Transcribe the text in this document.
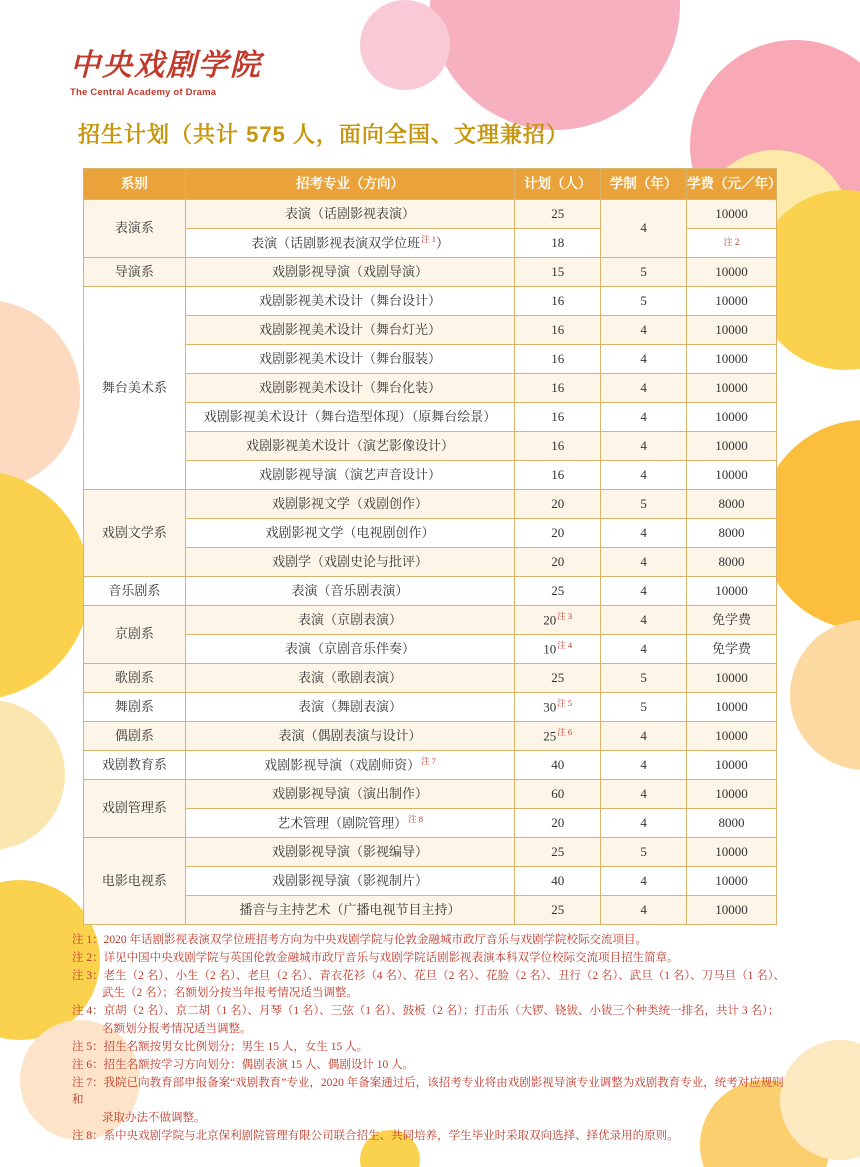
中央戏剧学院
The Central Academy of Drama
招生计划（共计 575 人，面向全国、文理兼招）
系别	招考专业（方向）	计划（人）	学制（年）	学费（元／年）
表演系	表演（话剧影视表演）	25	4	10000
	表演（话剧影视表演双学位班$^{注 1}$）	18		注 2
导演系	戏剧影视导演（戏剧导演）	15	5	10000
舞台美术系	戏剧影视美术设计（舞台设计）	16	5	10000
	戏剧影视美术设计（舞台灯光）	16	4	10000
	戏剧影视美术设计（舞台服装）	16	4	10000
	戏剧影视美术设计（舞台化装）	16	4	10000
	戏剧影视美术设计（舞台造型体现）（原舞台绘景）	16	4	10000
	戏剧影视美术设计（演艺影像设计）	16	4	10000
	戏剧影视导演（演艺声音设计）	16	4	10000
戏剧文学系	戏剧影视文学（戏剧创作）	20	5	8000
	戏剧影视文学（电视剧创作）	20	4	8000
	戏剧学（戏剧史论与批评）	20	4	8000
音乐剧系	表演（音乐剧表演）	25	4	10000
京剧系	表演（京剧表演）	$20^{注 3}$	4	免学费
	表演（京剧音乐伴奏）	$10^{注 4}$	4	免学费
歌剧系	表演（歌剧表演）	25	5	10000
舞剧系	表演（舞剧表演）	$30^{注 5}$	5	10000
偶剧系	表演（偶剧表演与设计）	$25^{注 6}$	4	10000
戏剧教育系	戏剧影视导演（戏剧师资）$^{注 7}$	40	4	10000
戏剧管理系	戏剧影视导演（演出制作）	60	4	10000
	艺术管理（剧院管理）$^{注 8}$	20	4	8000
电影电视系	戏剧影视导演（影视编导）	25	5	10000
	戏剧影视导演（影视制片）	40	4	10000
	播音与主持艺术（广播电视节目主持）	25	4	10000
注 1：2020 年话剧影视表演双学位班招考方向为中央戏剧学院与伦敦金融城市政厅音乐与戏剧学院校际交流项目。
注 2：详见中国中央戏剧学院与英国伦敦金融城市政厅音乐与戏剧学院话剧影视表演本科双学位校际交流项目招生简章。
注 3：老生（2 名）、小生（2 名）、老旦（2 名）、青衣花衫（4 名）、花旦（2 名）、花脸（2 名）、丑行（2 名）、武旦（1 名）、刀马旦（1 名）、
武生（2 名）；名额划分按当年报考情况适当调整。
注 4：京胡（2 名）、京二胡（1 名）、月琴（1 名）、三弦（1 名）、鼓板（2 名）；打击乐（大锣、铙钹、小钹三个种类统一排名，共计 3 名）；
名额划分报考情况适当调整。
注 5：招生名额按男女比例划分；男生 15 人，女生 15 人。
注 6：招生名额按学习方向划分：偶剧表演 15 人、偶剧设计 10 人。
注 7：我院已向教育部申报备案“戏剧教育”专业，2020 年备案通过后，该招考专业将由戏剧影视导演专业调整为戏剧教育专业，统考对应规则和
录取办法不做调整。
注 8：系中央戏剧学院与北京保利剧院管理有限公司联合招生、共同培养，学生毕业时采取双向选择、择优录用的原则。
